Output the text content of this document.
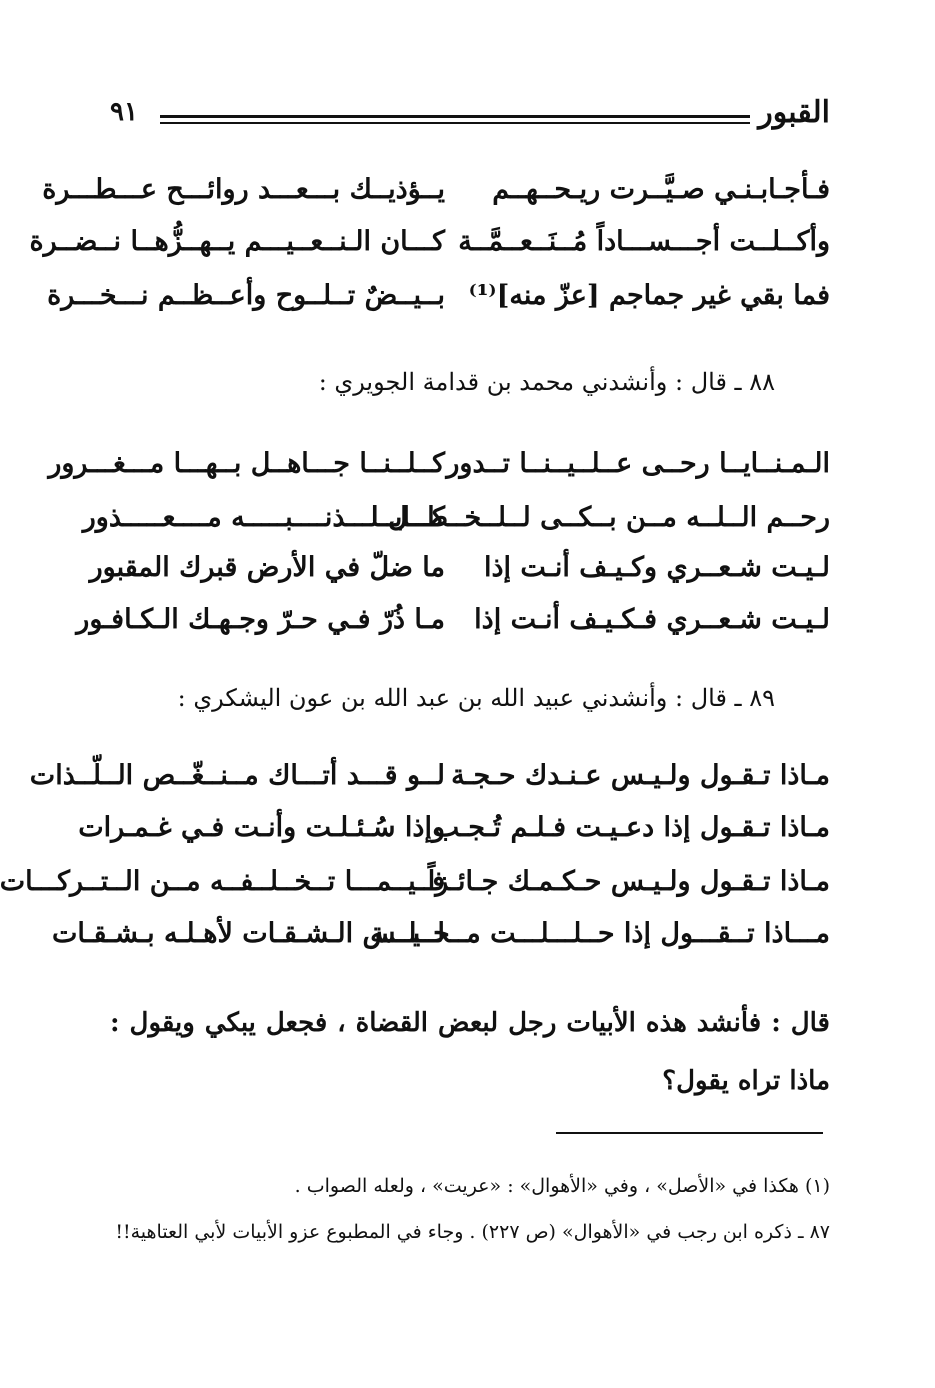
القبور
٩١
فـأجـابـنـي صـيَّــرت ريـحــهــم
يــؤذيــك بـــعـــد روائـــح عـــطـــرة
وأكــلــت أجـــســـاداً مُــنَــعــمَّــة
كـــان الـنــعــيـــم يــهــزُّهــا نــضــرة
فما بقي غير جماجم [عزّ منه]⁽¹⁾
بــيــضٌ تــلــوح وأعــظــم نـــخـــرة
٨٨ ـ قال : وأنشدني محمد بن قدامة الجويري :
الـمـنــايــا رحــى عــلــيــنــا تــدور
كــلــنــا جـــاهــل بــهـــا مـــغـــرور
رحــم الــلــه مــن بــكــى لــلــخــطــايــا
كـــل لـــذنــــبـــــه مــــعـــــذور
لـيـت شـعــري وكـيـف أنـت إذا
ما ضلّ في الأرض قبرك المقبور
لـيـت شـعــري فـكـيـف أنـت إذا
مـا ذُرّ فـي حـرّ وجـهـك الـكـافـور
٨٩ ـ قال : وأنشدني عبيد الله بن عبد الله بن عون اليشكري :
مـاذا تـقـول ولـيـس عـنـدك حـجـة
لــو قـــد أتـــاك مــنــغّــص الــلّــذات
مـاذا تـقـول إذا دعـيـت فـلـم تُـجـب
وإذا سُـئـلـت وأنـت فـي غـمـرات
مـاذا تـقـول ولـيـس حـكـمـك جـائـزاً
فــيــمـــا تــخــلــفــه مــن الــتــركـــات
مـــاذا تــقـــول إذا حــلـــلـــت مــحــلـــة
لــيــس الـشـقـات لأهـلـه بـشـقـات
قال : فأنشد هذه الأبيات رجل لبعض القضاة ، فجعل يبكي ويقول : ماذا تراه يقول؟
(١) هكذا في «الأصل» ، وفي «الأهوال» : «عريت» ، ولعله الصواب .
٨٧ ـ ذكره ابن رجب في «الأهوال» (ص ٢٢٧) . وجاء في المطبوع عزو الأبيات لأبي العتاهية!!
